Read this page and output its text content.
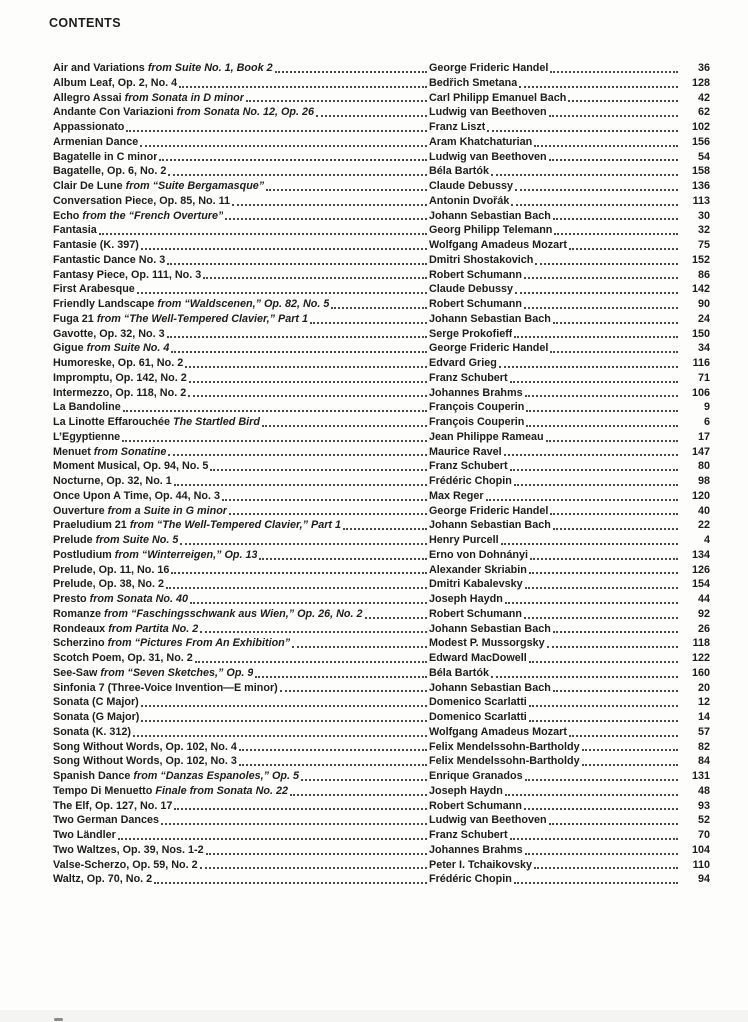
CONTENTS
Air and Variations from Suite No. 1, Book 2	George Frideric Handel	36
Album Leaf, Op. 2, No. 4	Bedřich Smetana	128
Allegro Assai from Sonata in D minor	Carl Philipp Emanuel Bach	42
Andante Con Variazioni from Sonata No. 12, Op. 26	Ludwig van Beethoven	62
Appassionato	Franz Liszt	102
Armenian Dance	Aram Khatchaturian	156
Bagatelle in C minor	Ludwig van Beethoven	54
Bagatelle, Op. 6, No. 2	Béla Bartók	158
Clair De Lune from “Suite Bergamasque”	Claude Debussy	136
Conversation Piece, Op. 85, No. 11	Antonin Dvořák	113
Echo from the “French Overture”	Johann Sebastian Bach	30
Fantasia	Georg Philipp Telemann	32
Fantasie (K. 397)	Wolfgang Amadeus Mozart	75
Fantastic Dance No. 3	Dmitri Shostakovich	152
Fantasy Piece, Op. 111, No. 3	Robert Schumann	86
First Arabesque	Claude Debussy	142
Friendly Landscape from “Waldscenen,” Op. 82, No. 5	Robert Schumann	90
Fuga 21 from “The Well-Tempered Clavier,” Part 1	Johann Sebastian Bach	24
Gavotte, Op. 32, No. 3	Serge Prokofieff	150
Gigue from Suite No. 4	George Frideric Handel	34
Humoreske, Op. 61, No. 2	Edvard Grieg	116
Impromptu, Op. 142, No. 2	Franz Schubert	71
Intermezzo, Op. 118, No. 2	Johannes Brahms	106
La Bandoline	François Couperin	9
La Linotte Effarouchée The Startled Bird	François Couperin	6
L’Egyptienne	Jean Philippe Rameau	17
Menuet from Sonatine	Maurice Ravel	147
Moment Musical, Op. 94, No. 5	Franz Schubert	80
Nocturne, Op. 32, No. 1	Frédéric Chopin	98
Once Upon A Time, Op. 44, No. 3	Max Reger	120
Ouverture from a Suite in G minor	George Frideric Handel	40
Praeludium 21 from “The Well-Tempered Clavier,” Part 1	Johann Sebastian Bach	22
Prelude from Suite No. 5	Henry Purcell	4
Postludium from “Winterreigen,” Op. 13	Erno von Dohnányi	134
Prelude, Op. 11, No. 16	Alexander Skriabin	126
Prelude, Op. 38, No. 2	Dmitri Kabalevsky	154
Presto from Sonata No. 40	Joseph Haydn	44
Romanze from “Faschingsschwank aus Wien,” Op. 26, No. 2	Robert Schumann	92
Rondeaux from Partita No. 2	Johann Sebastian Bach	26
Scherzino from “Pictures From An Exhibition”	Modest P. Mussorgsky	118
Scotch Poem, Op. 31, No. 2	Edward MacDowell	122
See-Saw from “Seven Sketches,” Op. 9	Béla Bartók	160
Sinfonia 7 (Three-Voice Invention—E minor)	Johann Sebastian Bach	20
Sonata (C Major)	Domenico Scarlatti	12
Sonata (G Major)	Domenico Scarlatti	14
Sonata (K. 312)	Wolfgang Amadeus Mozart	57
Song Without Words, Op. 102, No. 4	Felix Mendelssohn-Bartholdy	82
Song Without Words, Op. 102, No. 3	Felix Mendelssohn-Bartholdy	84
Spanish Dance from “Danzas Espanoles,” Op. 5	Enrique Granados	131
Tempo Di Menuetto Finale from Sonata No. 22	Joseph Haydn	48
The Elf, Op. 127, No. 17	Robert Schumann	93
Two German Dances	Ludwig van Beethoven	52
Two Ländler	Franz Schubert	70
Two Waltzes, Op. 39, Nos. 1-2	Johannes Brahms	104
Valse-Scherzo, Op. 59, No. 2	Peter I. Tchaikovsky	110
Waltz, Op. 70, No. 2	Frédéric Chopin	94
